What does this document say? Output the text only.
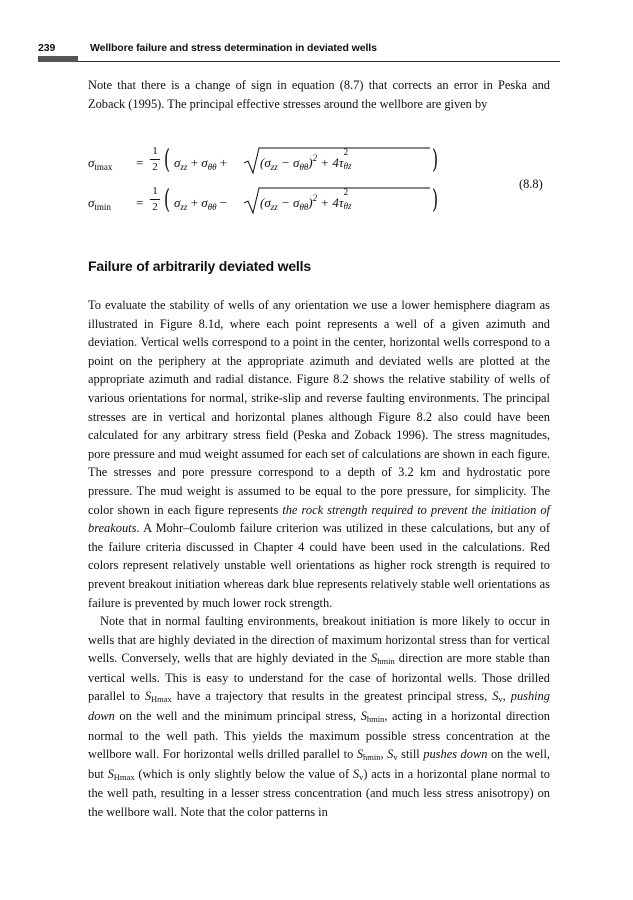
239	Wellbore failure and stress determination in deviated wells

Note that there is a change of sign in equation (8.7) that corrects an error in Peska and Zoback (1995). The principal effective stresses around the wellbore are given by

$\sigma_{tmax}$ =
1
2 ( $\sigma_{zz} + \sigma_{\theta\theta}$ +	$(\sigma_{zz} - \sigma_{\theta\theta})^2 + 4\tau$
2
θz	)
$\sigma_{tmin}$ =
1
2 ( $\sigma_{zz} + \sigma_{\theta\theta}$ −	$(\sigma_{zz} - \sigma_{\theta\theta})^2 + 4\tau$
2
θz	)
(8.8)
Failure of arbitrarily deviated wells

To evaluate the stability of wells of any orientation we use a lower hemisphere diagram as illustrated in Figure 8.1d, where each point represents a well of a given azimuth and deviation. Vertical wells correspond to a point in the center, horizontal wells correspond to a point on the periphery at the appropriate azimuth and deviated wells are plotted at the appropriate azimuth and radial distance. Figure 8.2 shows the relative stability of wells of various orientations for normal, strike-slip and reverse faulting environments. The principal stresses are in vertical and horizontal planes although Figure 8.2 also could have been calculated for any arbitrary stress field (Peska and Zoback 1996). The stress magnitudes, pore pressure and mud weight assumed for each set of calculations are shown in each figure. The stresses and pore pressure correspond to a depth of 3.2 km and hydrostatic pore pressure. The mud weight is assumed to be equal to the pore pressure, for simplicity. The color shown in each figure represents the rock strength required to prevent the initiation of breakouts. A Mohr–Coulomb failure criterion was utilized in these calculations, but any of the failure criteria discussed in Chapter 4 could have been used in the calculations. Red colors represent relatively unstable well orientations as higher rock strength is required to prevent breakout initiation whereas dark blue represents relatively stable well orientations as failure is prevented by much lower rock strength.

Note that in normal faulting environments, breakout initiation is more likely to occur in wells that are highly deviated in the direction of maximum horizontal stress than for vertical wells. Conversely, wells that are highly deviated in the Shmin direction are more stable than vertical wells. This is easy to understand for the case of horizontal wells. Those drilled parallel to SHmax have a trajectory that results in the greatest principal stress, Sv, pushing down on the well and the minimum principal stress, Shmin, acting in a horizontal direction normal to the well path. This yields the maximum possible stress concentration at the wellbore wall. For horizontal wells drilled parallel to Shmin, Sv still pushes down on the well, but SHmax (which is only slightly below the value of Sv) acts in a horizontal plane normal to the well path, resulting in a lesser stress concentration (and much less stress anisotropy) on the wellbore wall. Note that the color patterns in
